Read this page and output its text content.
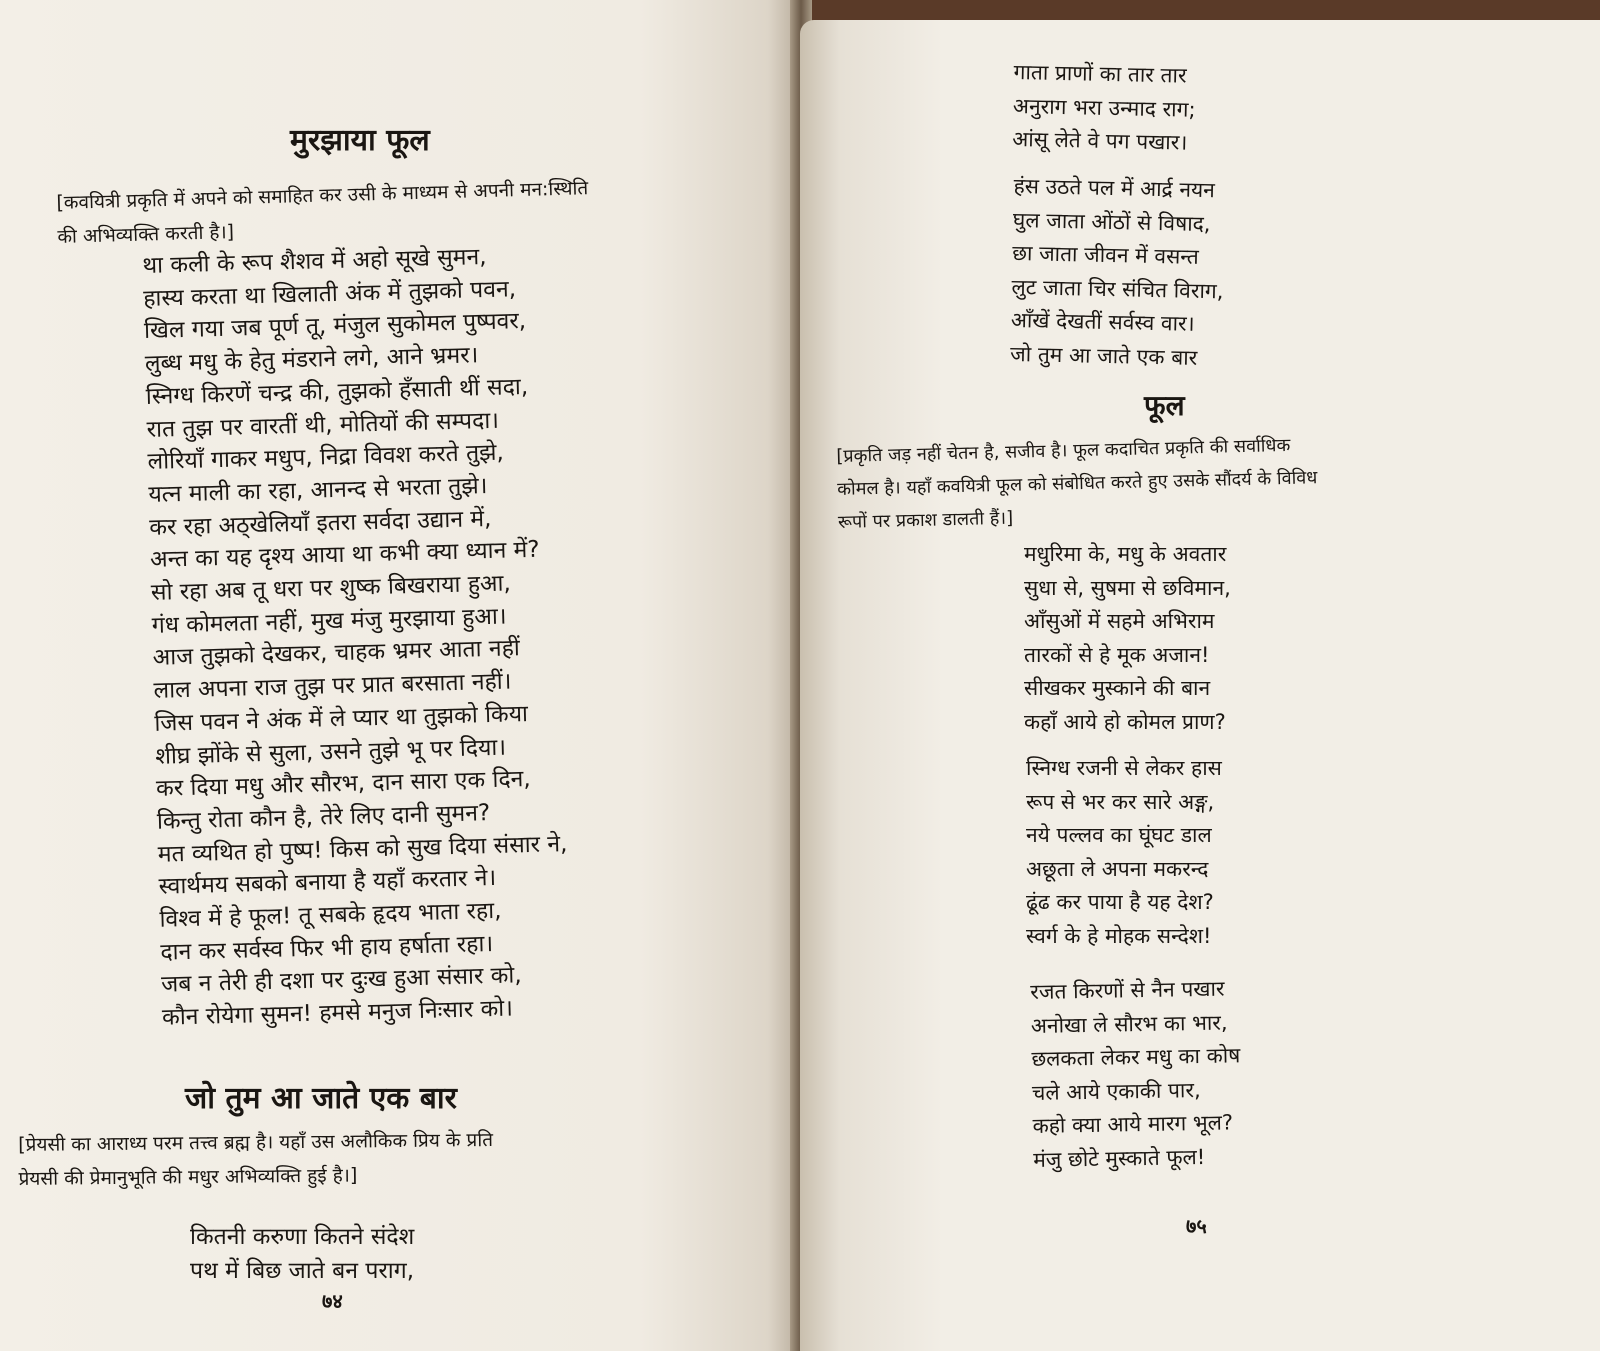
मुरझाया फूल

[कवयित्री प्रकृति में अपने को समाहित कर उसी के माध्यम से अपनी मन:स्थिति
की अभिव्यक्ति करती है।]

था कली के रूप शैशव में अहो सूखे सुमन,
हास्य करता था खिलाती अंक में तुझको पवन,
खिल गया जब पूर्ण तू, मंजुल सुकोमल पुष्पवर,
लुब्ध मधु के हेतु मंडराने लगे, आने भ्रमर।
स्निग्ध किरणें चन्द्र की, तुझको हँसाती थीं सदा,
रात तुझ पर वारतीं थी, मोतियों की सम्पदा।
लोरियाँ गाकर मधुप, निद्रा विवश करते तुझे,
यत्न माली का रहा, आनन्द से भरता तुझे।
कर रहा अठ्खेलियाँ इतरा सर्वदा उद्यान में,
अन्त का यह दृश्य आया था कभी क्या ध्यान में?
सो रहा अब तू धरा पर शुष्क बिखराया हुआ,
गंध कोमलता नहीं, मुख मंजु मुरझाया हुआ।
आज तुझको देखकर, चाहक भ्रमर आता नहीं
लाल अपना राज तुझ पर प्रात बरसाता नहीं।
जिस पवन ने अंक में ले प्यार था तुझको किया
शीघ्र झोंके से सुला, उसने तुझे भू पर दिया।
कर दिया मधु और सौरभ, दान सारा एक दिन,
किन्तु रोता कौन है, तेरे लिए दानी सुमन?
मत व्यथित हो पुष्प! किस को सुख दिया संसार ने,
स्वार्थमय सबको बनाया है यहाँ करतार ने।
विश्व में हे फूल! तू सबके हृदय भाता रहा,
दान कर सर्वस्व फिर भी हाय हर्षाता रहा।
जब न तेरी ही दशा पर दुःख हुआ संसार को,
कौन रोयेगा सुमन! हमसे मनुज निःसार को।
जो तुम आ जाते एक बार

[प्रेयसी का आराध्य परम तत्त्व ब्रह्म है। यहाँ उस अलौकिक प्रिय के प्रति
प्रेयसी की प्रेमानुभूति की मधुर अभिव्यक्ति हुई है।]

कितनी करुणा कितने संदेश
पथ में बिछ जाते बन पराग,
७४
गाता प्राणों का तार तार
अनुराग भरा उन्माद राग;
आंसू लेते वे पग पखार।
हंस उठते पल में आर्द्र नयन
घुल जाता ओंठों से विषाद,
छा जाता जीवन में वसन्त
लुट जाता चिर संचित विराग,
आँखें देखतीं सर्वस्व वार।
जो तुम आ जाते एक बार
फूल

[प्रकृति जड़ नहीं चेतन है, सजीव है। फूल कदाचित प्रकृति की सर्वाधिक
कोमल है। यहाँ कवयित्री फूल को संबोधित करते हुए उसके सौंदर्य के विविध
रूपों पर प्रकाश डालती हैं।]

मधुरिमा के, मधु के अवतार
सुधा से, सुषमा से छविमान,
आँसुओं में सहमे अभिराम
तारकों से हे मूक अजान!
सीखकर मुस्काने की बान
कहाँ आये हो कोमल प्राण?
स्निग्ध रजनी से लेकर हास
रूप से भर कर सारे अङ्ग,
नये पल्लव का घूंघट डाल
अछूता ले अपना मकरन्द
ढूंढ कर पाया है यह देश?
स्वर्ग के हे मोहक सन्देश!
रजत किरणों से नैन पखार
अनोखा ले सौरभ का भार,
छलकता लेकर मधु का कोष
चले आये एकाकी पार,
कहो क्या आये मारग भूल?
मंजु छोटे मुस्काते फूल!
७५
